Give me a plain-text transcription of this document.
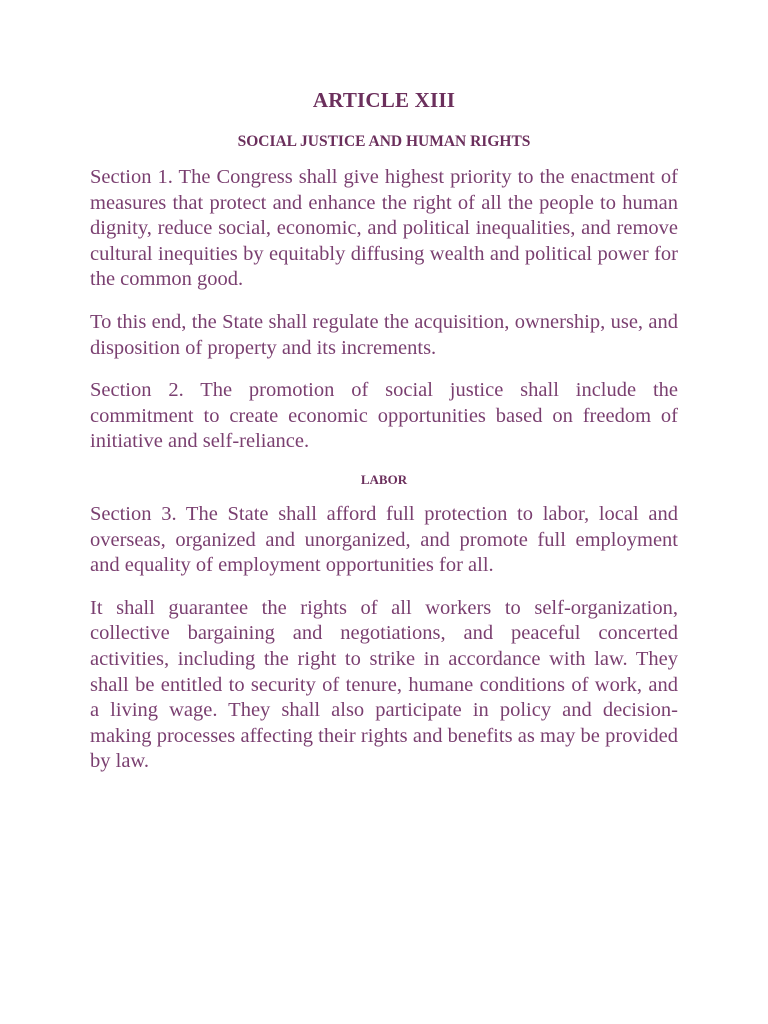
ARTICLE XIII
SOCIAL JUSTICE AND HUMAN RIGHTS

Section 1. The Congress shall give highest priority to the enactment of measures that protect and enhance the right of all the people to human dignity, reduce social, economic, and political inequalities, and remove cultural inequities by equitably diffusing wealth and political power for the common good.

To this end, the State shall regulate the acquisition, ownership, use, and disposition of property and its increments.

Section 2. The promotion of social justice shall include the commitment to create economic opportunities based on freedom of initiative and self-reliance.

LABOR

Section 3. The State shall afford full protection to labor, local and overseas, organized and unorganized, and promote full employment and equality of employment opportunities for all.

It shall guarantee the rights of all workers to self-organization, collective bargaining and negotiations, and peaceful concerted activities, including the right to strike in accordance with law. They shall be entitled to security of tenure, humane conditions of work, and a living wage. They shall also participate in policy and decision-making processes affecting their rights and benefits as may be provided by law.
